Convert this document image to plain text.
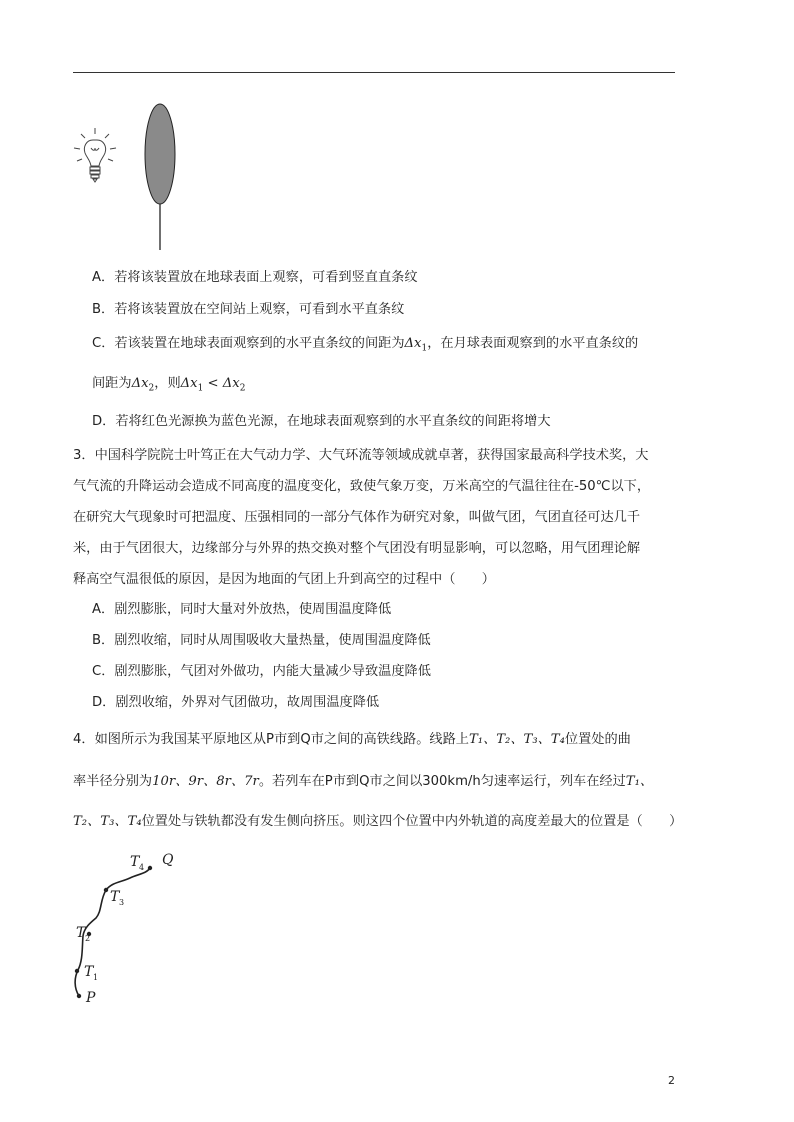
A．若将该装置放在地球表面上观察，可看到竖直直条纹
B．若将该装置放在空间站上观察，可看到水平直条纹
C．若该装置在地球表面观察到的水平直条纹的间距为$\Delta x_1$，在月球表面观察到的水平直条纹的
间距为$\Delta x_2$，则$\Delta x_1 < \Delta x_2$
D．若将红色光源换为蓝色光源，在地球表面观察到的水平直条纹的间距将增大
3．中国科学院院士叶笃正在大气动力学、大气环流等领域成就卓著，获得国家最高科学技术奖，大
气气流的升降运动会造成不同高度的温度变化，致使气象万变，万米高空的气温往往在-50℃以下，
在研究大气现象时可把温度、压强相同的一部分气体作为研究对象，叫做气团，气团直径可达几千
米，由于气团很大，边缘部分与外界的热交换对整个气团没有明显影响，可以忽略，用气团理论解
释高空气温很低的原因，是因为地面的气团上升到高空的过程中（　　）
A．剧烈膨胀，同时大量对外放热，使周围温度降低
B．剧烈收缩，同时从周围吸收大量热量，使周围温度降低
C．剧烈膨胀，气团对外做功，内能大量减少导致温度降低
D．剧烈收缩，外界对气团做功，故周围温度降低
4．如图所示为我国某平原地区从P市到Q市之间的高铁线路。线路上T₁、T₂、T₃、T₄位置处的曲
率半径分别为10r、9r、8r、7r。若列车在P市到Q市之间以300km/h匀速率运行，列车在经过T₁、
T₂、T₃、T₄位置处与铁轨都没有发生侧向挤压。则这四个位置中内外轨道的高度差最大的位置是（　　）
P
T 1
T 2
T 3
T 4 Q
2
